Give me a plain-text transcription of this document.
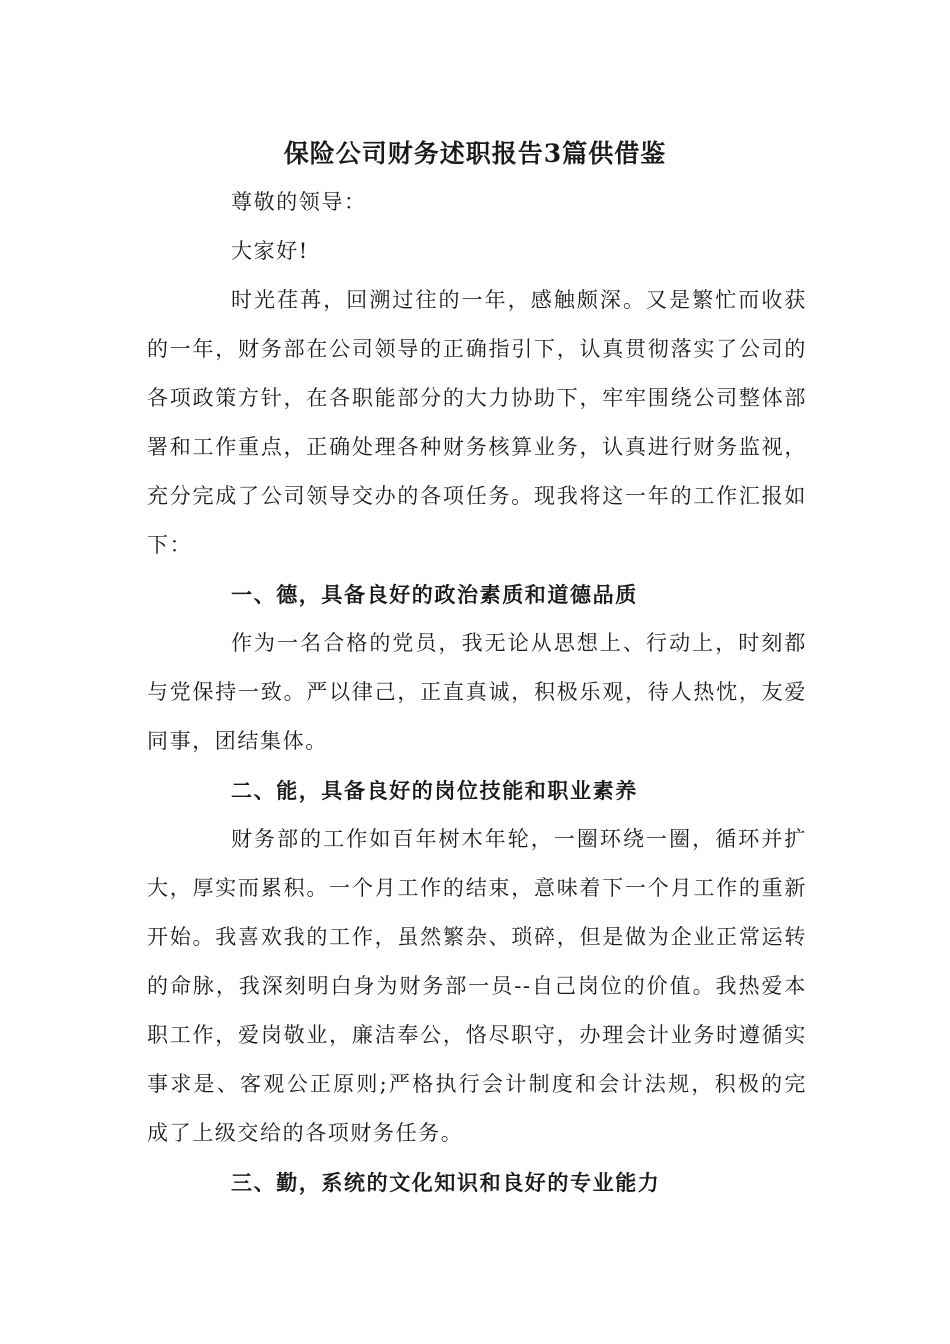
保险公司财务述职报告3篇供借鉴

尊敬的领导：

大家好!

时光荏苒，回溯过往的一年，感触颇深。又是繁忙而收获的一年，财务部在公司领导的正确指引下，认真贯彻落实了公司的各项政策方针，在各职能部分的大力协助下，牢牢围绕公司整体部署和工作重点，正确处理各种财务核算业务，认真进行财务监视，充分完成了公司领导交办的各项任务。现我将这一年的工作汇报如下：

一、德，具备良好的政治素质和道德品质

作为一名合格的党员，我无论从思想上、行动上，时刻都与党保持一致。严以律己，正直真诚，积极乐观，待人热忱，友爱同事，团结集体。

二、能，具备良好的岗位技能和职业素养

财务部的工作如百年树木年轮，一圈环绕一圈，循环并扩大，厚实而累积。一个月工作的结束，意味着下一个月工作的重新开始。我喜欢我的工作，虽然繁杂、琐碎，但是做为企业正常运转的命脉，我深刻明白身为财务部一员--自己岗位的价值。我热爱本职工作，爱岗敬业，廉洁奉公，恪尽职守，办理会计业务时遵循实事求是、客观公正原则;严格执行会计制度和会计法规，积极的完成了上级交给的各项财务任务。

三、勤，系统的文化知识和良好的专业能力
